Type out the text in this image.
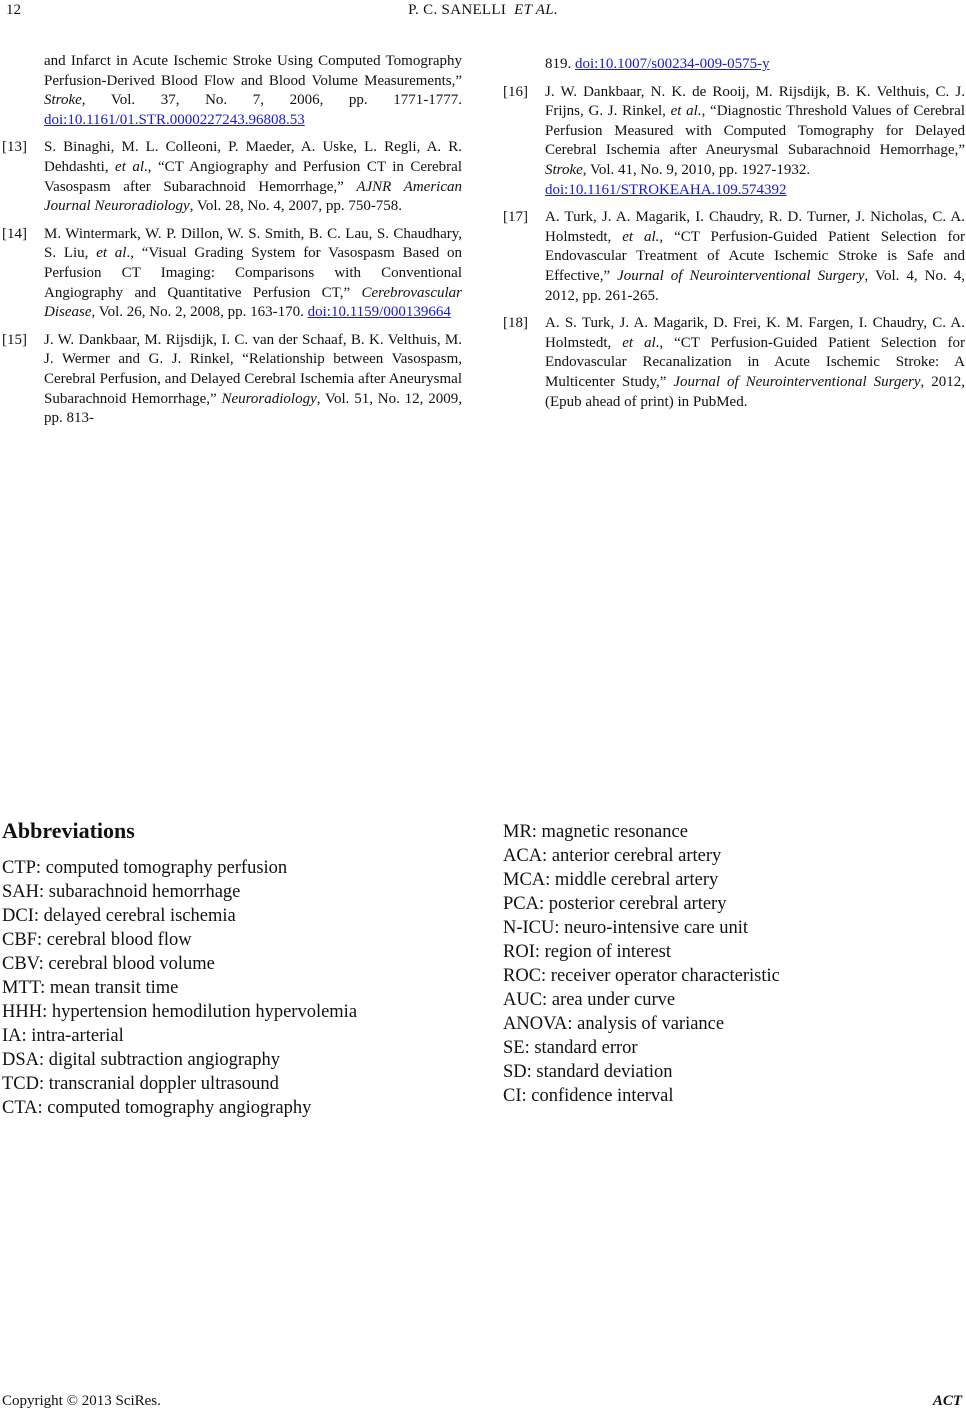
12	P. C. SANELLI ET AL.
and Infarct in Acute Ischemic Stroke Using Computed Tomography Perfusion-Derived Blood Flow and Blood Volume Measurements,” Stroke, Vol. 37, No. 7, 2006, pp. 1771-1777. doi:10.1161/01.STR.0000227243.96808.53
[13]	S. Binaghi, M. L. Colleoni, P. Maeder, A. Uske, L. Regli, A. R. Dehdashti, et al., “CT Angiography and Perfusion CT in Cerebral Vasospasm after Subarachnoid Hemorrhage,” AJNR American Journal Neuroradiology, Vol. 28, No. 4, 2007, pp. 750-758.
[14]	M. Wintermark, W. P. Dillon, W. S. Smith, B. C. Lau, S. Chaudhary, S. Liu, et al., “Visual Grading System for Vasospasm Based on Perfusion CT Imaging: Comparisons with Conventional Angiography and Quantitative Perfusion CT,” Cerebrovascular Disease, Vol. 26, No. 2, 2008, pp. 163-170. doi:10.1159/000139664
[15]	J. W. Dankbaar, M. Rijsdijk, I. C. van der Schaaf, B. K. Velthuis, M. J. Wermer and G. J. Rinkel, “Relationship between Vasospasm, Cerebral Perfusion, and Delayed Cerebral Ischemia after Aneurysmal Subarachnoid Hemorrhage,” Neuroradiology, Vol. 51, No. 12, 2009, pp. 813-
819. doi:10.1007/s00234-009-0575-y
[16]	J. W. Dankbaar, N. K. de Rooij, M. Rijsdijk, B. K. Velthuis, C. J. Frijns, G. J. Rinkel, et al., “Diagnostic Threshold Values of Cerebral Perfusion Measured with Computed Tomography for Delayed Cerebral Ischemia after Aneurysmal Subarachnoid Hemorrhage,” Stroke, Vol. 41, No. 9, 2010, pp. 1927-1932.
doi:10.1161/STROKEAHA.109.574392
[17]	A. Turk, J. A. Magarik, I. Chaudry, R. D. Turner, J. Nicholas, C. A. Holmstedt, et al., “CT Perfusion-Guided Patient Selection for Endovascular Treatment of Acute Ischemic Stroke is Safe and Effective,” Journal of Neurointerventional Surgery, Vol. 4, No. 4, 2012, pp. 261-265.
[18]	A. S. Turk, J. A. Magarik, D. Frei, K. M. Fargen, I. Chaudry, C. A. Holmstedt, et al., “CT Perfusion-Guided Patient Selection for Endovascular Recanalization in Acute Ischemic Stroke: A Multicenter Study,” Journal of Neurointerventional Surgery, 2012, (Epub ahead of print) in PubMed.
Abbreviations
CTP: computed tomography perfusion
SAH: subarachnoid hemorrhage
DCI: delayed cerebral ischemia
CBF: cerebral blood flow
CBV: cerebral blood volume
MTT: mean transit time
HHH: hypertension hemodilution hypervolemia
IA: intra-arterial
DSA: digital subtraction angiography
TCD: transcranial doppler ultrasound
CTA: computed tomography angiography
MR: magnetic resonance
ACA: anterior cerebral artery
MCA: middle cerebral artery
PCA: posterior cerebral artery
N-ICU: neuro-intensive care unit
ROI: region of interest
ROC: receiver operator characteristic
AUC: area under curve
ANOVA: analysis of variance
SE: standard error
SD: standard deviation
CI: confidence interval
Copyright © 2013 SciRes.	ACT
